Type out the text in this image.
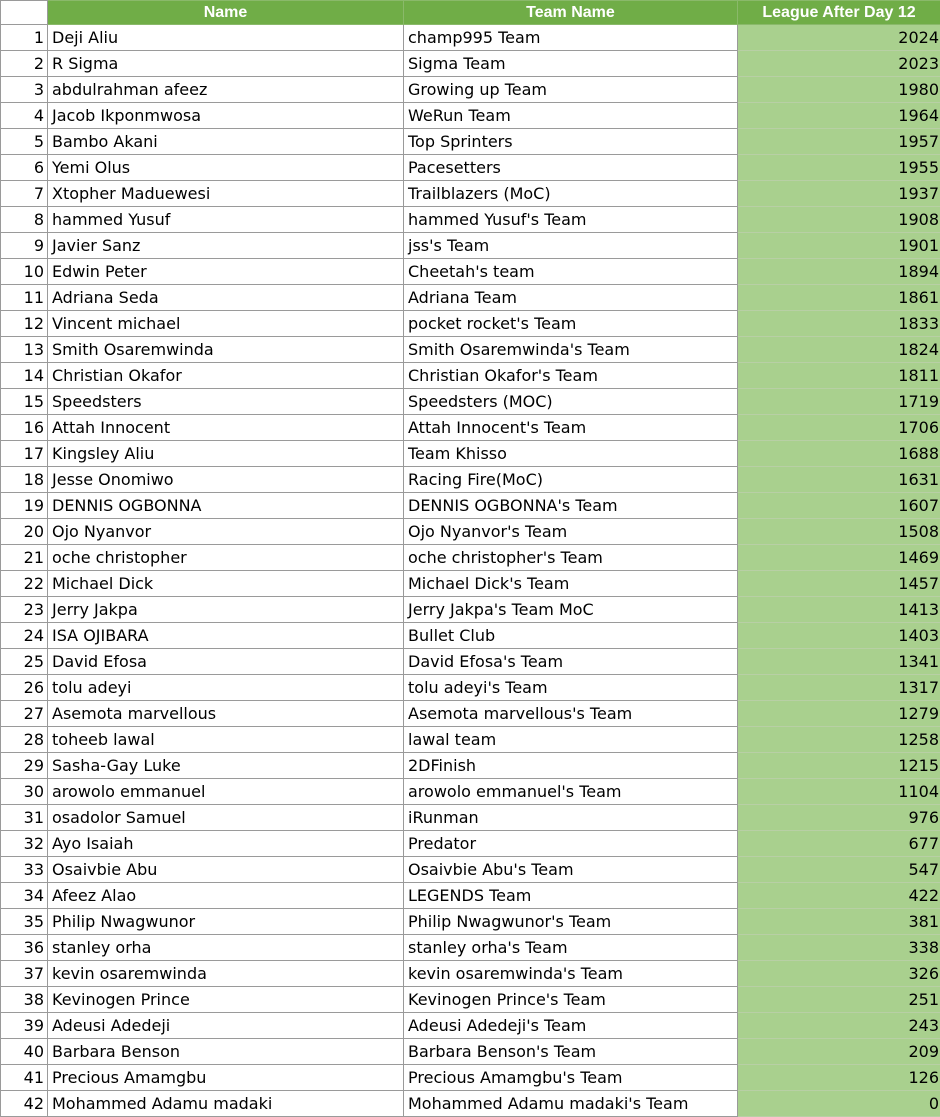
	Name	Team Name	League After Day 12
1	Deji Aliu	champ995 Team	2024
2	R Sigma	Sigma Team	2023
3	abdulrahman afeez	Growing up Team	1980
4	Jacob Ikponmwosa	WeRun Team	1964
5	Bambo Akani	Top Sprinters	1957
6	Yemi Olus	Pacesetters	1955
7	Xtopher Maduewesi	Trailblazers (MoC)	1937
8	hammed Yusuf	hammed Yusuf's Team	1908
9	Javier Sanz	jss's Team	1901
10	Edwin Peter	Cheetah's team	1894
11	Adriana Seda	Adriana Team	1861
12	Vincent michael	pocket rocket's Team	1833
13	Smith Osaremwinda	Smith Osaremwinda's Team	1824
14	Christian Okafor	Christian Okafor's Team	1811
15	Speedsters	Speedsters (MOC)	1719
16	Attah Innocent	Attah Innocent's Team	1706
17	Kingsley Aliu	Team Khisso	1688
18	Jesse Onomiwo	Racing Fire(MoC)	1631
19	DENNIS OGBONNA	DENNIS OGBONNA's Team	1607
20	Ojo Nyanvor	Ojo Nyanvor's Team	1508
21	oche christopher	oche christopher's Team	1469
22	Michael Dick	Michael Dick's Team	1457
23	Jerry Jakpa	Jerry Jakpa's Team MoC	1413
24	ISA OJIBARA	Bullet Club	1403
25	David Efosa	David Efosa's Team	1341
26	tolu adeyi	tolu adeyi's Team	1317
27	Asemota marvellous	Asemota marvellous's Team	1279
28	toheeb lawal	lawal team	1258
29	Sasha-Gay Luke	2DFinish	1215
30	arowolo emmanuel	arowolo emmanuel's Team	1104
31	osadolor Samuel	iRunman	976
32	Ayo Isaiah	Predator	677
33	Osaivbie Abu	Osaivbie Abu's Team	547
34	Afeez Alao	LEGENDS Team	422
35	Philip Nwagwunor	Philip Nwagwunor's Team	381
36	stanley orha	stanley orha's Team	338
37	kevin osaremwinda	kevin osaremwinda's Team	326
38	Kevinogen Prince	Kevinogen Prince's Team	251
39	Adeusi Adedeji	Adeusi Adedeji's Team	243
40	Barbara Benson	Barbara Benson's Team	209
41	Precious Amamgbu	Precious Amamgbu's Team	126
42	Mohammed Adamu madaki	Mohammed Adamu madaki's Team	0
